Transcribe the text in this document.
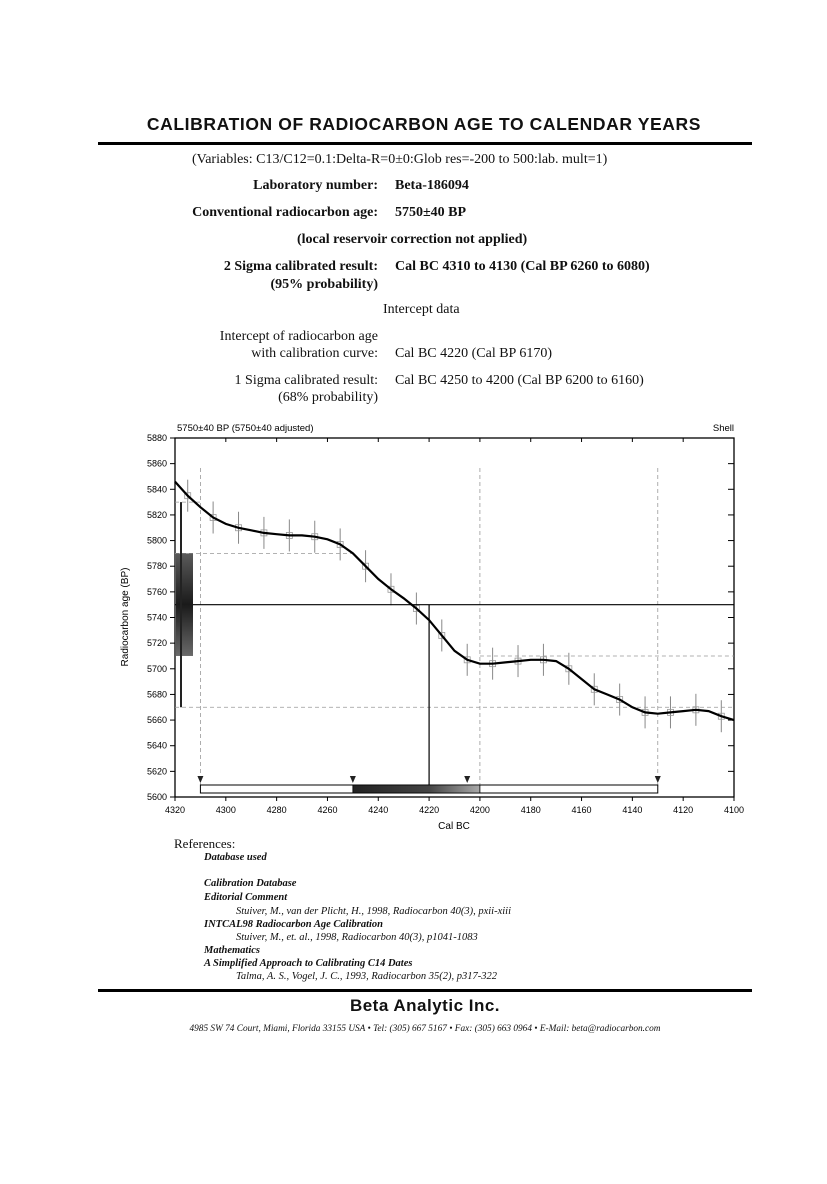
CALIBRATION OF RADIOCARBON AGE TO CALENDAR YEARS
(Variables: C13/C12=0.1:Delta-R=0±0:Glob res=-200 to 500:lab. mult=1)
Laboratory number: Beta-186094
Conventional radiocarbon age: 5750±40 BP
(local reservoir correction not applied)
2 Sigma calibrated result: Cal BC 4310 to 4130 (Cal BP 6260 to 6080)
(95% probability)
Intercept data
Intercept of radiocarbon age
with calibration curve: Cal BC 4220 (Cal BP 6170)
1 Sigma calibrated result: Cal BC 4250 to 4200 (Cal BP 6200 to 6160)
(68% probability)
5750±40 BP (5750±40 adjusted)	Shell
Cal BC
Radiocarbon age (BP)
4320	4300	4280	4260	4240	4220	4200	4180	4160	4140	4120	4100
5600
5620
5640
5660
5680
5700
5720
5740
5760
5780
5800
5820
5840
5860
5880
References:
Database used
Calibration Database
Editorial Comment
Stuiver, M., van der Plicht, H., 1998, Radiocarbon 40(3), pxii-xiii
INTCAL98 Radiocarbon Age Calibration
Stuiver, M., et. al., 1998, Radiocarbon 40(3), p1041-1083
Mathematics
A Simplified Approach to Calibrating C14 Dates
Talma, A. S., Vogel, J. C., 1993, Radiocarbon 35(2), p317-322
Beta Analytic Inc.
4985 SW 74 Court, Miami, Florida 33155 USA • Tel: (305) 667 5167 • Fax: (305) 663 0964 • E-Mail: beta@radiocarbon.com
